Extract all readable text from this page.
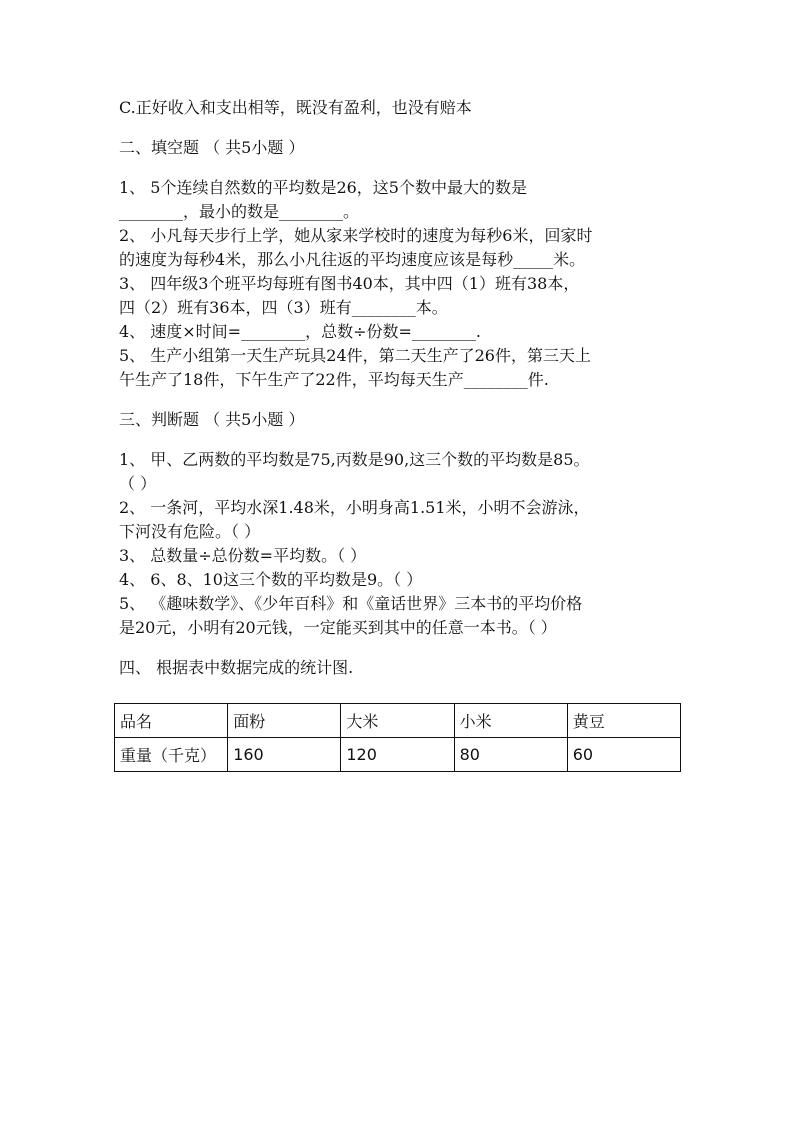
C.正好收入和支出相等，既没有盈利，也没有赔本
二、填空题 （ 共5小题 ）
1、 5个连续自然数的平均数是26，这5个数中最大的数是
________，最小的数是________。
2、 小凡每天步行上学，她从家来学校时的速度为每秒6米，回家时
的速度为每秒4米，那么小凡往返的平均速度应该是每秒_____米。
3、 四年级3个班平均每班有图书40本，其中四（1）班有38本，
四（2）班有36本，四（3）班有________本。
4、 速度×时间=________，总数÷份数=________.
5、 生产小组第一天生产玩具24件，第二天生产了26件，第三天上
午生产了18件，下午生产了22件，平均每天生产________件.
三、判断题 （ 共5小题 ）
1、 甲、乙两数的平均数是75,丙数是90,这三个数的平均数是85。
（ ）
2、 一条河，平均水深1.48米，小明身高1.51米，小明不会游泳，
下河没有危险。（ ）
3、 总数量÷总份数=平均数。（ ）
4、 6、8、10这三个数的平均数是9。（ ）
5、 《趣味数学》、《少年百科》和《童话世界》三本书的平均价格
是20元，小明有20元钱，一定能买到其中的任意一本书。（ ）
四、 根据表中数据完成的统计图.
品名	面粉	大米	小米	黄豆
重量（千克）	160	120	80	60
